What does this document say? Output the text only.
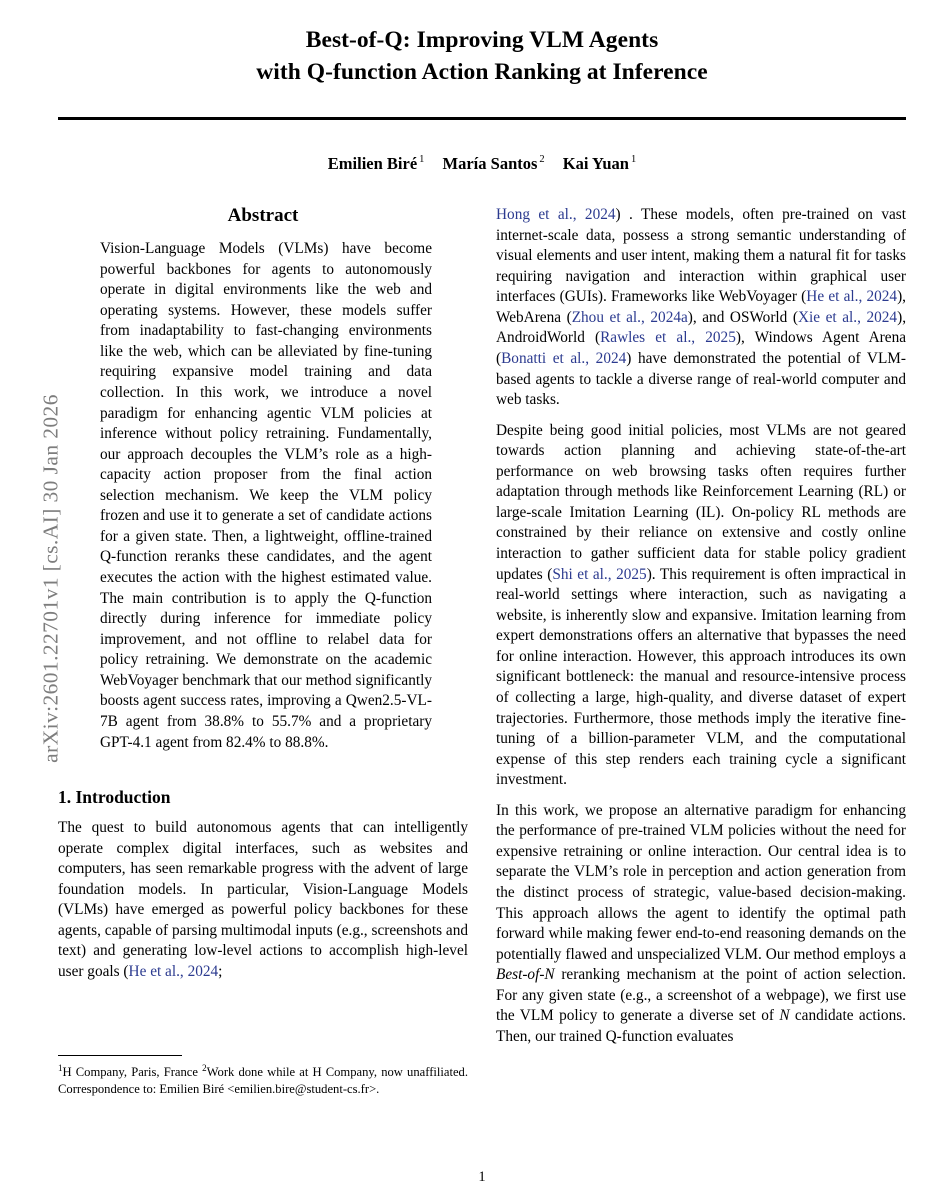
arXiv:2601.22701v1 [cs.AI] 30 Jan 2026
Best-of-Q: Improving VLM Agents
with Q-function Action Ranking at Inference
Emilien Biré $^1$ María Santos $^2$ Kai Yuan $^1$
Abstract
Vision-Language Models (VLMs) have become powerful backbones for agents to autonomously operate in digital environments like the web and operating systems. However, these models suffer from inadaptability to fast-changing environments like the web, which can be alleviated by fine-tuning requiring expansive model training and data collection. In this work, we introduce a novel paradigm for enhancing agentic VLM policies at inference without policy retraining. Fundamentally, our approach decouples the VLM’s role as a high-capacity action proposer from the final action selection mechanism. We keep the VLM policy frozen and use it to generate a set of candidate actions for a given state. Then, a lightweight, offline-trained Q-function reranks these candidates, and the agent executes the action with the highest estimated value. The main contribution is to apply the Q-function directly during inference for immediate policy improvement, and not offline to relabel data for policy retraining. We demonstrate on the academic WebVoyager benchmark that our method significantly boosts agent success rates, improving a Qwen2.5-VL-7B agent from 38.8% to 55.7% and a proprietary GPT-4.1 agent from 82.4% to 88.8%.
1. Introduction

The quest to build autonomous agents that can intelligently operate complex digital interfaces, such as websites and computers, has seen remarkable progress with the advent of large foundation models. In particular, Vision-Language Models (VLMs) have emerged as powerful policy backbones for these agents, capable of parsing multimodal inputs (e.g., screenshots and text) and generating low-level actions to accomplish high-level user goals (He et al., 2024;

Hong et al., 2024) . These models, often pre-trained on vast internet-scale data, possess a strong semantic understanding of visual elements and user intent, making them a natural fit for tasks requiring navigation and interaction within graphical user interfaces (GUIs). Frameworks like WebVoyager (He et al., 2024), WebArena (Zhou et al., 2024a), and OSWorld (Xie et al., 2024), AndroidWorld (Rawles et al., 2025), Windows Agent Arena (Bonatti et al., 2024) have demonstrated the potential of VLM-based agents to tackle a diverse range of real-world computer and web tasks.

Despite being good initial policies, most VLMs are not geared towards action planning and achieving state-of-the-art performance on web browsing tasks often requires further adaptation through methods like Reinforcement Learning (RL) or large-scale Imitation Learning (IL). On-policy RL methods are constrained by their reliance on extensive and costly online interaction to gather sufficient data for stable policy gradient updates (Shi et al., 2025). This requirement is often impractical in real-world settings where interaction, such as navigating a website, is inherently slow and expansive. Imitation learning from expert demonstrations offers an alternative that bypasses the need for online interaction. However, this approach introduces its own significant bottleneck: the manual and resource-intensive process of collecting a large, high-quality, and diverse dataset of expert trajectories. Furthermore, those methods imply the iterative fine-tuning of a billion-parameter VLM, and the computational expense of this step renders each training cycle a significant investment.

In this work, we propose an alternative paradigm for enhancing the performance of pre-trained VLM policies without the need for expensive retraining or online interaction. Our central idea is to separate the VLM’s role in perception and action generation from the distinct process of strategic, value-based decision-making. This approach allows the agent to identify the optimal path forward while making fewer end-to-end reasoning demands on the potentially flawed and unspecialized VLM. Our method employs a Best-of-N reranking mechanism at the point of action selection. For any given state (e.g., a screenshot of a webpage), we first use the VLM policy to generate a diverse set of N candidate actions. Then, our trained Q-function evaluates

$^1$H Company, Paris, France $^2$Work done while at H Company, now unaffiliated. Correspondence to: Emilien Biré <emilien.bire@student-cs.fr>.

1
